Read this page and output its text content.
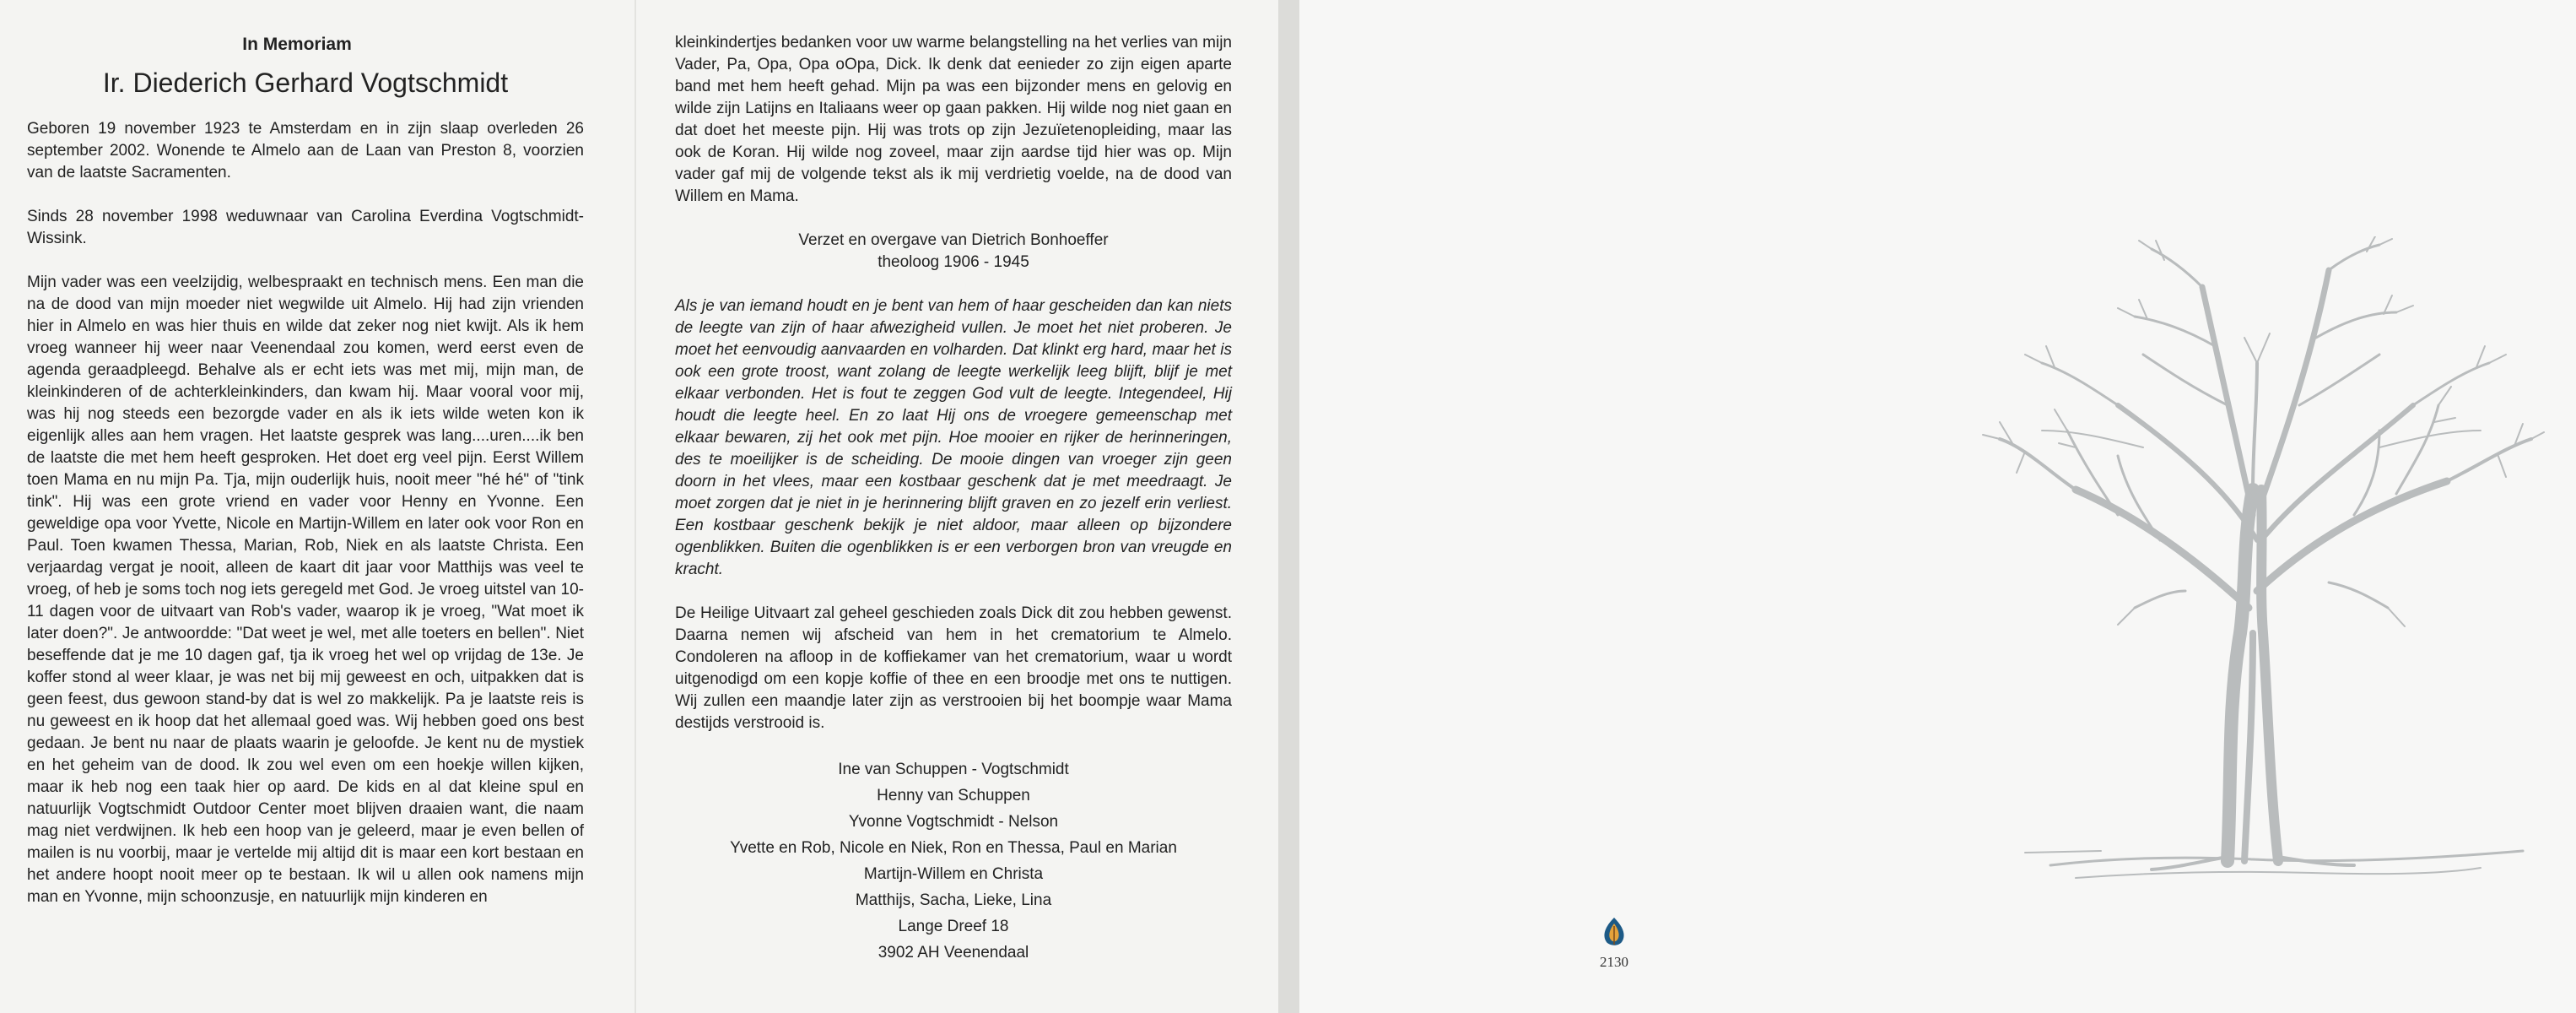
In Memoriam
Ir. Diederich Gerhard Vogtschmidt

Geboren 19 november 1923 te Amsterdam en in zijn slaap overleden 26 september 2002. Wonende te Almelo aan de Laan van Preston 8, voorzien van de laatste Sacramenten.

Sinds 28 november 1998 weduwnaar van Carolina Everdina Vogtschmidt-Wissink.

Mijn vader was een veelzijdig, welbespraakt en technisch mens. Een man die na de dood van mijn moeder niet wegwilde uit Almelo. Hij had zijn vrienden hier in Almelo en was hier thuis en wilde dat zeker nog niet kwijt. Als ik hem vroeg wanneer hij weer naar Veenendaal zou komen, werd eerst even de agenda geraadpleegd. Behalve als er echt iets was met mij, mijn man, de kleinkinderen of de achterkleinkinders, dan kwam hij. Maar vooral voor mij, was hij nog steeds een bezorgde vader en als ik iets wilde weten kon ik eigenlijk alles aan hem vragen. Het laatste gesprek was lang....uren....ik ben de laatste die met hem heeft gesproken. Het doet erg veel pijn. Eerst Willem toen Mama en nu mijn Pa. Tja, mijn ouderlijk huis, nooit meer "hé hé" of "tink tink". Hij was een grote vriend en vader voor Henny en Yvonne. Een geweldige opa voor Yvette, Nicole en Martijn-Willem en later ook voor Ron en Paul. Toen kwamen Thessa, Marian, Rob, Niek en als laatste Christa. Een verjaardag vergat je nooit, alleen de kaart dit jaar voor Matthijs was veel te vroeg, of heb je soms toch nog iets geregeld met God. Je vroeg uitstel van 10-11 dagen voor de uitvaart van Rob's vader, waarop ik je vroeg, "Wat moet ik later doen?". Je antwoordde: "Dat weet je wel, met alle toeters en bellen". Niet beseffende dat je me 10 dagen gaf, tja ik vroeg het wel op vrijdag de 13e. Je koffer stond al weer klaar, je was net bij mij geweest en och, uitpakken dat is geen feest, dus gewoon stand-by dat is wel zo makkelijk. Pa je laatste reis is nu geweest en ik hoop dat het allemaal goed was. Wij hebben goed ons best gedaan. Je bent nu naar de plaats waarin je geloofde. Je kent nu de mystiek en het geheim van de dood. Ik zou wel even om een hoekje willen kijken, maar ik heb nog een taak hier op aard. De kids en al dat kleine spul en natuurlijk Vogtschmidt Outdoor Center moet blijven draaien want, die naam mag niet verdwijnen. Ik heb een hoop van je geleerd, maar je even bellen of mailen is nu voorbij, maar je vertelde mij altijd dit is maar een kort bestaan en het andere hoopt nooit meer op te bestaan. Ik wil u allen ook namens mijn man en Yvonne, mijn schoonzusje, en natuurlijk mijn kinderen en

kleinkindertjes bedanken voor uw warme belangstelling na het verlies van mijn Vader, Pa, Opa, Opa oOpa, Dick. Ik denk dat eenieder zo zijn eigen aparte band met hem heeft gehad. Mijn pa was een bijzonder mens en gelovig en wilde zijn Latijns en Italiaans weer op gaan pakken. Hij wilde nog niet gaan en dat doet het meeste pijn. Hij was trots op zijn Jezuïetenopleiding, maar las ook de Koran. Hij wilde nog zoveel, maar zijn aardse tijd hier was op. Mijn vader gaf mij de volgende tekst als ik mij verdrietig voelde, na de dood van Willem en Mama.

Verzet en overgave van Dietrich Bonhoeffer
theoloog 1906 - 1945

Als je van iemand houdt en je bent van hem of haar gescheiden dan kan niets de leegte van zijn of haar afwezigheid vullen. Je moet het niet proberen. Je moet het eenvoudig aanvaarden en volharden. Dat klinkt erg hard, maar het is ook een grote troost, want zolang de leegte werkelijk leeg blijft, blijf je met elkaar verbonden. Het is fout te zeggen God vult de leegte. Integendeel, Hij houdt die leegte heel. En zo laat Hij ons de vroegere gemeenschap met elkaar bewaren, zij het ook met pijn. Hoe mooier en rijker de herinneringen, des te moeilijker is de scheiding. De mooie dingen van vroeger zijn geen doorn in het vlees, maar een kostbaar geschenk dat je met meedraagt. Je moet zorgen dat je niet in je herinnering blijft graven en zo jezelf erin verliest. Een kostbaar geschenk bekijk je niet aldoor, maar alleen op bijzondere ogenblikken. Buiten die ogenblikken is er een verborgen bron van vreugde en kracht.

De Heilige Uitvaart zal geheel geschieden zoals Dick dit zou hebben gewenst. Daarna nemen wij afscheid van hem in het crematorium te Almelo. Condoleren na afloop in de koffiekamer van het crematorium, waar u wordt uitgenodigd om een kopje koffie of thee en een broodje met ons te nuttigen. Wij zullen een maandje later zijn as verstrooien bij het boompje waar Mama destijds verstrooid is.

Ine van Schuppen - Vogtschmidt
Henny van Schuppen
Yvonne Vogtschmidt - Nelson
Yvette en Rob, Nicole en Niek, Ron en Thessa, Paul en Marian
Martijn-Willem en Christa
Matthijs, Sacha, Lieke, Lina
Lange Dreef 18
3902 AH Veenendaal
2130
